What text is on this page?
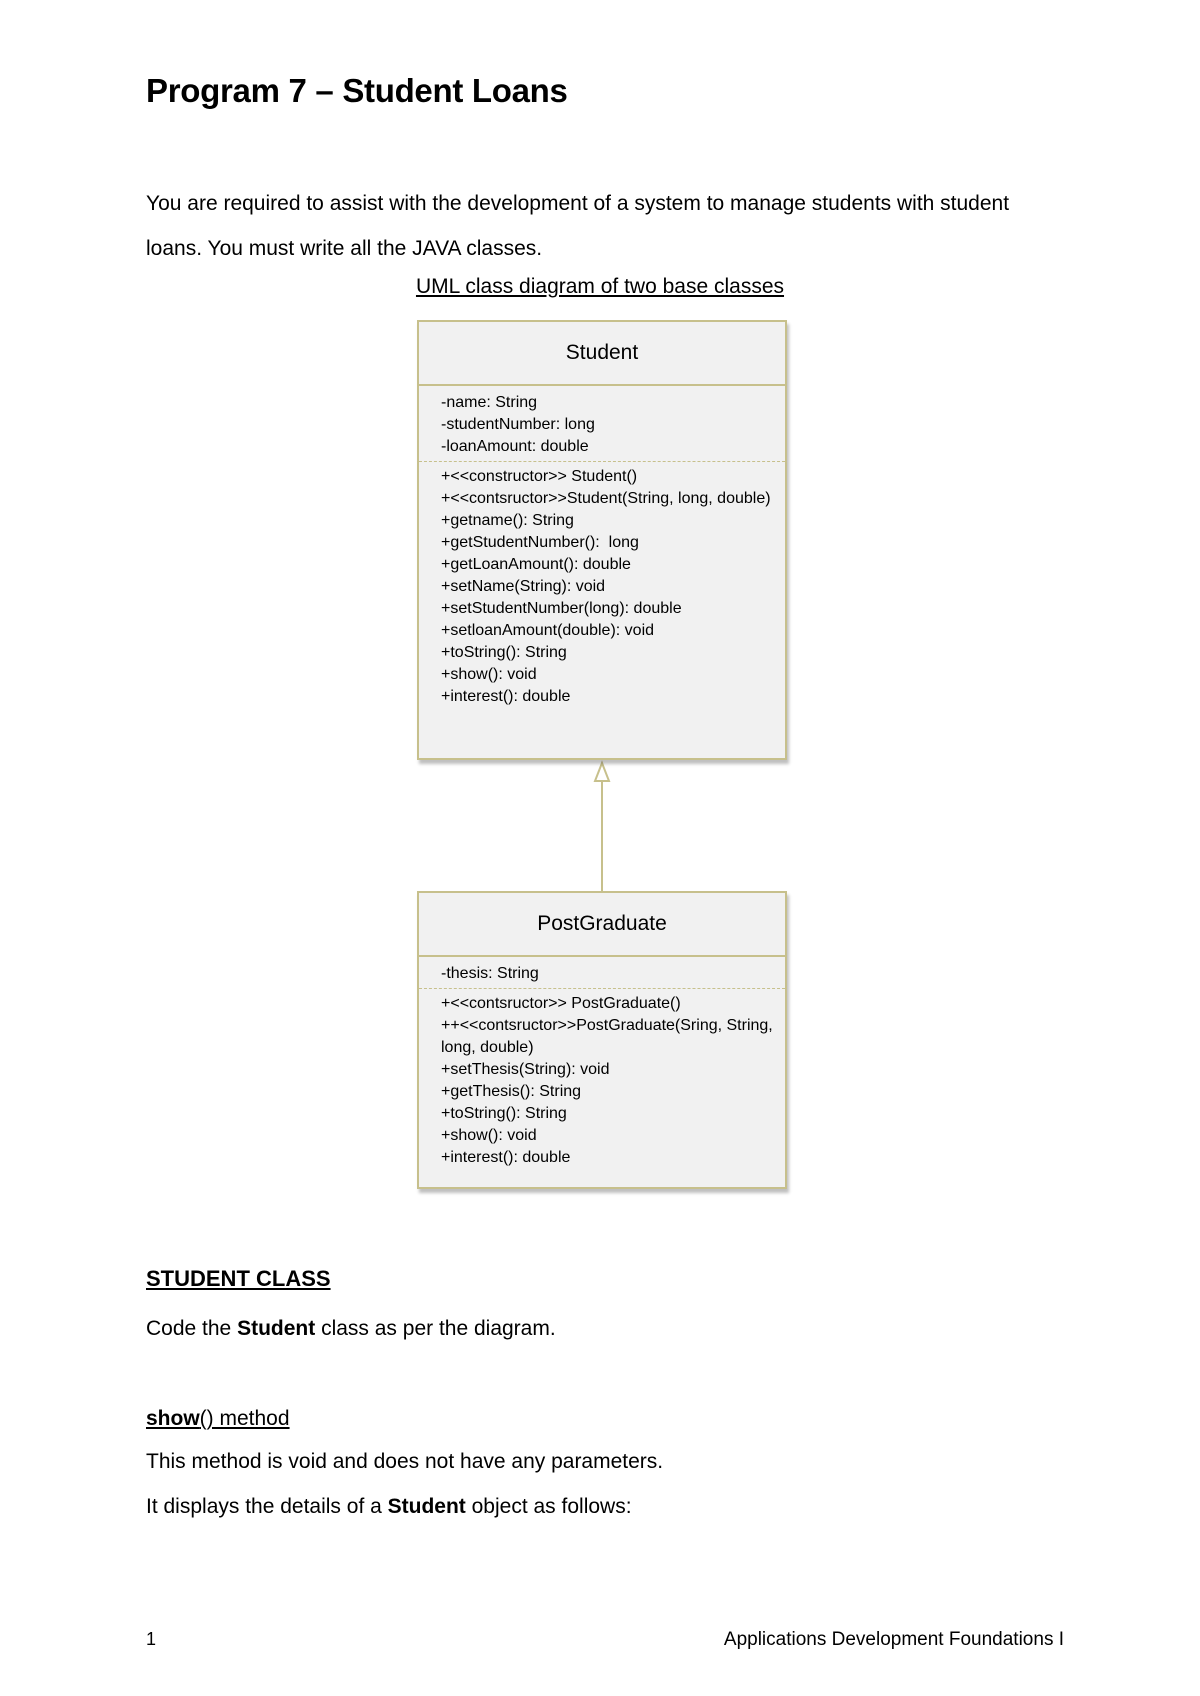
Program 7 – Student Loans

You are required to assist with the development of a system to manage students with student

loans. You must write all the JAVA classes.

UML class diagram of two base classes
Student
-name: String
-studentNumber: long
-loanAmount: double
+<<constructor>> Student()
+<<contsructor>>Student(String, long, double)
+getname(): String
+getStudentNumber():  long
+getLoanAmount(): double
+setName(String): void
+setStudentNumber(long): double
+setloanAmount(double): void
+toString(): String
+show(): void
+interest(): double
PostGraduate
-thesis: String
+<<contsructor>> PostGraduate()
++<<contsructor>>PostGraduate(Sring, String, long, double)
+setThesis(String): void
+getThesis(): String
+toString(): String
+show(): void
+interest(): double
STUDENT CLASS
Code the Student class as per the diagram.
show() method
This method is void and does not have any parameters.
It displays the details of a Student object as follows:
1	Applications Development Foundations I
